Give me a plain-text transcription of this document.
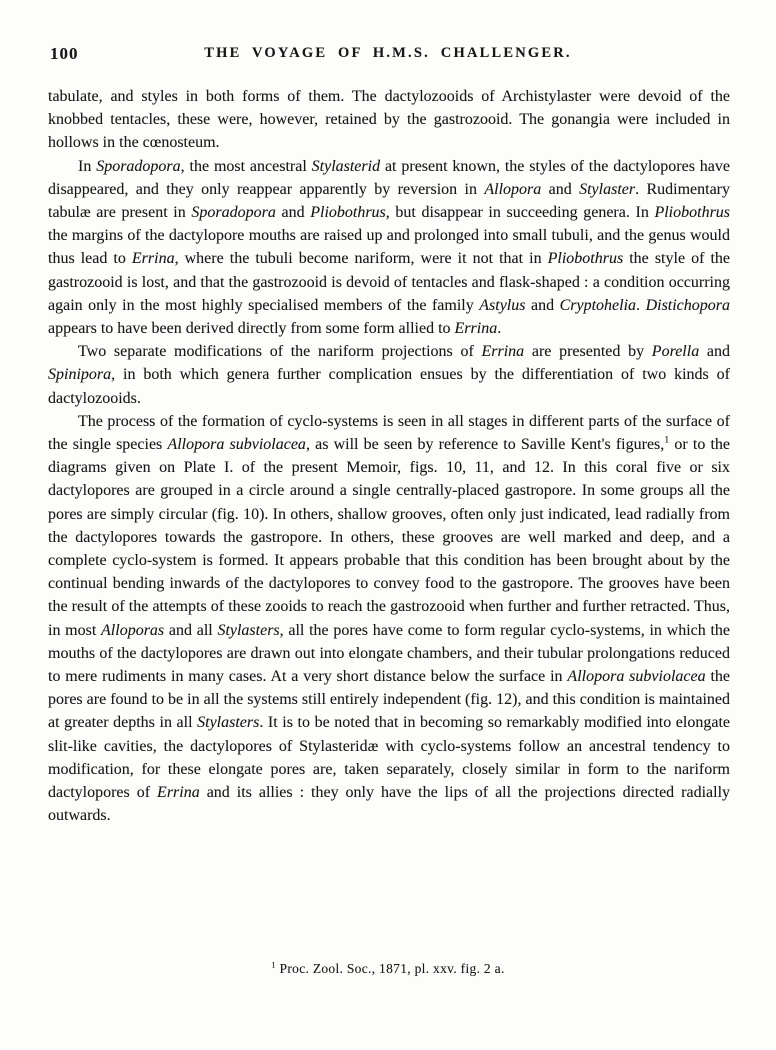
100	THE VOYAGE OF H.M.S. CHALLENGER.

tabulate, and styles in both forms of them. The dactylozooids of Archistylaster were devoid of the knobbed tentacles, these were, however, retained by the gastrozooid. The gonangia were included in hollows in the cœnosteum.

In Sporadopora, the most ancestral Stylasterid at present known, the styles of the dactylopores have disappeared, and they only reappear apparently by reversion in Allopora and Stylaster. Rudimentary tabulæ are present in Sporadopora and Pliobothrus, but disappear in succeeding genera. In Pliobothrus the margins of the dactylopore mouths are raised up and prolonged into small tubuli, and the genus would thus lead to Errina, where the tubuli become nariform, were it not that in Pliobothrus the style of the gastrozooid is lost, and that the gastrozooid is devoid of tentacles and flask-shaped : a condition occurring again only in the most highly specialised members of the family Astylus and Cryptohelia. Distichopora appears to have been derived directly from some form allied to Errina.

Two separate modifications of the nariform projections of Errina are presented by Porella and Spinipora, in both which genera further complication ensues by the differentiation of two kinds of dactylozooids.

The process of the formation of cyclo-systems is seen in all stages in different parts of the surface of the single species Allopora subviolacea, as will be seen by reference to Saville Kent's figures,$^1$ or to the diagrams given on Plate I. of the present Memoir, figs. 10, 11, and 12. In this coral five or six dactylopores are grouped in a circle around a single centrally-placed gastropore. In some groups all the pores are simply circular (fig. 10). In others, shallow grooves, often only just indicated, lead radially from the dactylopores towards the gastropore. In others, these grooves are well marked and deep, and a complete cyclo-system is formed. It appears probable that this condition has been brought about by the continual bending inwards of the dactylopores to convey food to the gastropore. The grooves have been the result of the attempts of these zooids to reach the gastrozooid when further and further retracted. Thus, in most Alloporas and all Stylasters, all the pores have come to form regular cyclo-systems, in which the mouths of the dactylopores are drawn out into elongate chambers, and their tubular prolongations reduced to mere rudiments in many cases. At a very short distance below the surface in Allopora subviolacea the pores are found to be in all the systems still entirely independent (fig. 12), and this condition is maintained at greater depths in all Stylasters. It is to be noted that in becoming so remarkably modified into elongate slit-like cavities, the dactylopores of Stylasteridæ with cyclo-systems follow an ancestral tendency to modification, for these elongate pores are, taken separately, closely similar in form to the nariform dactylopores of Errina and its allies : they only have the lips of all the projections directed radially outwards.

$^1$ Proc. Zool. Soc., 1871, pl. xxv. fig. 2 a.
